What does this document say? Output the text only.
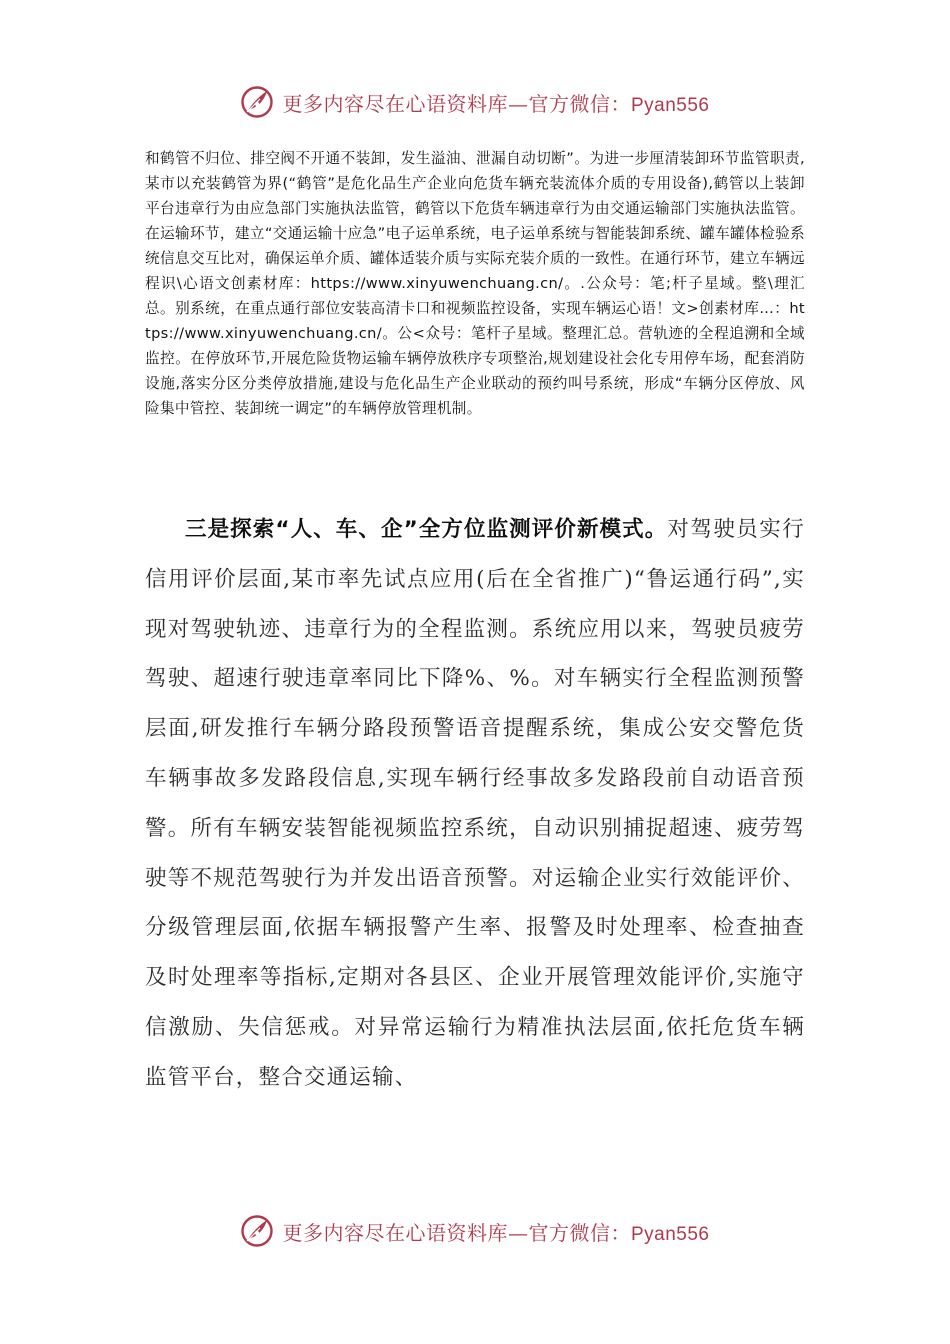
更多内容尽在心语资料库—官方微信：Pyan556

和鹤管不归位、排空阀不开通不装卸，发生溢油、泄漏自动切断”。为进一步厘清装卸环节监管职责,某市以充装鹤管为界(“鹤管”是危化品生产企业向危货车辆充装流体介质的专用设备),鹤管以上装卸平台违章行为由应急部门实施执法监管，鹤管以下危货车辆违章行为由交通运输部门实施执法监管。在运输环节，建立“交通运输十应急”电子运单系统，电子运单系统与智能装卸系统、罐车罐体检验系统信息交互比对，确保运单介质、罐体适装介质与实际充装介质的一致性。在通行环节，建立车辆远程识\心语文创素材库：https://www.xinyuwenchuang.cn/。.公众号：笔;杆子星域。整\理汇总。别系统，在重点通行部位安装高清卡口和视频监控设备，实现车辆运心语！文>创素材库…：https://www.xinyuwenchuang.cn/。公<众号：笔杆子星域。整理汇总。营轨迹的全程追溯和全域监控。在停放环节,开展危险货物运输车辆停放秩序专项整治,规划建设社会化专用停车场，配套消防设施,落实分区分类停放措施,建设与危化品生产企业联动的预约叫号系统，形成“车辆分区停放、风险集中管控、装卸统一调定”的车辆停放管理机制。

三是探索“人、车、企”全方位监测评价新模式。对驾驶员实行信用评价层面,某市率先试点应用(后在全省推广)“鲁运通行码”,实现对驾驶轨迹、违章行为的全程监测。系统应用以来，驾驶员疲劳驾驶、超速行驶违章率同比下降%、%。对车辆实行全程监测预警层面,研发推行车辆分路段预警语音提醒系统，集成公安交警危货车辆事故多发路段信息,实现车辆行经事故多发路段前自动语音预警。所有车辆安装智能视频监控系统，自动识别捕捉超速、疲劳驾驶等不规范驾驶行为并发出语音预警。对运输企业实行效能评价、分级管理层面,依据车辆报警产生率、报警及时处理率、检查抽查及时处理率等指标,定期对各县区、企业开展管理效能评价,实施守信激励、失信惩戒。对异常运输行为精准执法层面,依托危货车辆监管平台，整合交通运输、

更多内容尽在心语资料库—官方微信：Pyan556
